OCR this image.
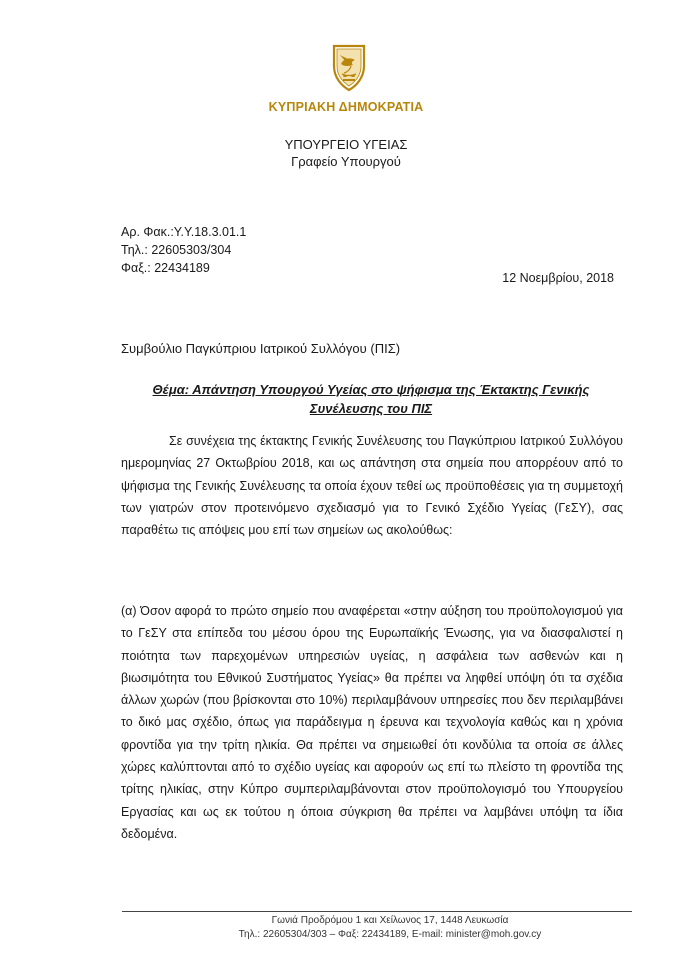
ΚΥΠΡΙΑΚΗ ΔΗΜΟΚΡΑΤΙΑ
ΥΠΟΥΡΓΕΙΟ ΥΓΕΙΑΣ
Γραφείο Υπουργού
Αρ. Φακ.:Υ.Υ.18.3.01.1
Τηλ.: 22605303/304
Φαξ.: 22434189
12 Νοεμβρίου, 2018
Συμβούλιο Παγκύπριου Ιατρικού Συλλόγου (ΠΙΣ)
Θέμα: Απάντηση Υπουργού Υγείας στο ψήφισμα της Έκτακτης Γενικής Συνέλευσης του ΠΙΣ
Σε συνέχεια της έκτακτης Γενικής Συνέλευσης του Παγκύπριου Ιατρικού Συλλόγου ημερομηνίας 27 Οκτωβρίου 2018, και ως απάντηση στα σημεία που απορρέουν από το ψήφισμα της Γενικής Συνέλευσης τα οποία έχουν τεθεί ως προϋποθέσεις για τη συμμετοχή των γιατρών στον προτεινόμενο σχεδιασμό για το Γενικό Σχέδιο Υγείας (ΓεΣΥ), σας παραθέτω τις απόψεις μου επί των σημείων ως ακολούθως:
(α) Όσον αφορά το πρώτο σημείο που αναφέρεται «στην αύξηση του προϋπολογισμού για το ΓεΣΥ στα επίπεδα του μέσου όρου της Ευρωπαϊκής Ένωσης, για να διασφαλιστεί η ποιότητα των παρεχομένων υπηρεσιών υγείας, η ασφάλεια των ασθενών και η βιωσιμότητα του Εθνικού Συστήματος Υγείας» θα πρέπει να ληφθεί υπόψη ότι τα σχέδια άλλων χωρών (που βρίσκονται στο 10%) περιλαμβάνουν υπηρεσίες που δεν περιλαμβάνει το δικό μας σχέδιο, όπως για παράδειγμα η έρευνα και τεχνολογία καθώς και η χρόνια φροντίδα για την τρίτη ηλικία. Θα πρέπει να σημειωθεί ότι κονδύλια τα οποία σε άλλες χώρες καλύπτονται από το σχέδιο υγείας και αφορούν ως επί τω πλείστο τη φροντίδα της τρίτης ηλικίας, στην Κύπρο συμπεριλαμβάνονται στον προϋπολογισμό του Υπουργείου Εργασίας και ως εκ τούτου η όποια σύγκριση θα πρέπει να λαμβάνει υπόψη τα ίδια δεδομένα.
Γωνιά Προδρόμου 1 και Χείλωνος 17, 1448 Λευκωσία
Τηλ.: 22605304/303 – Φαξ: 22434189, E-mail: minister@moh.gov.cy
